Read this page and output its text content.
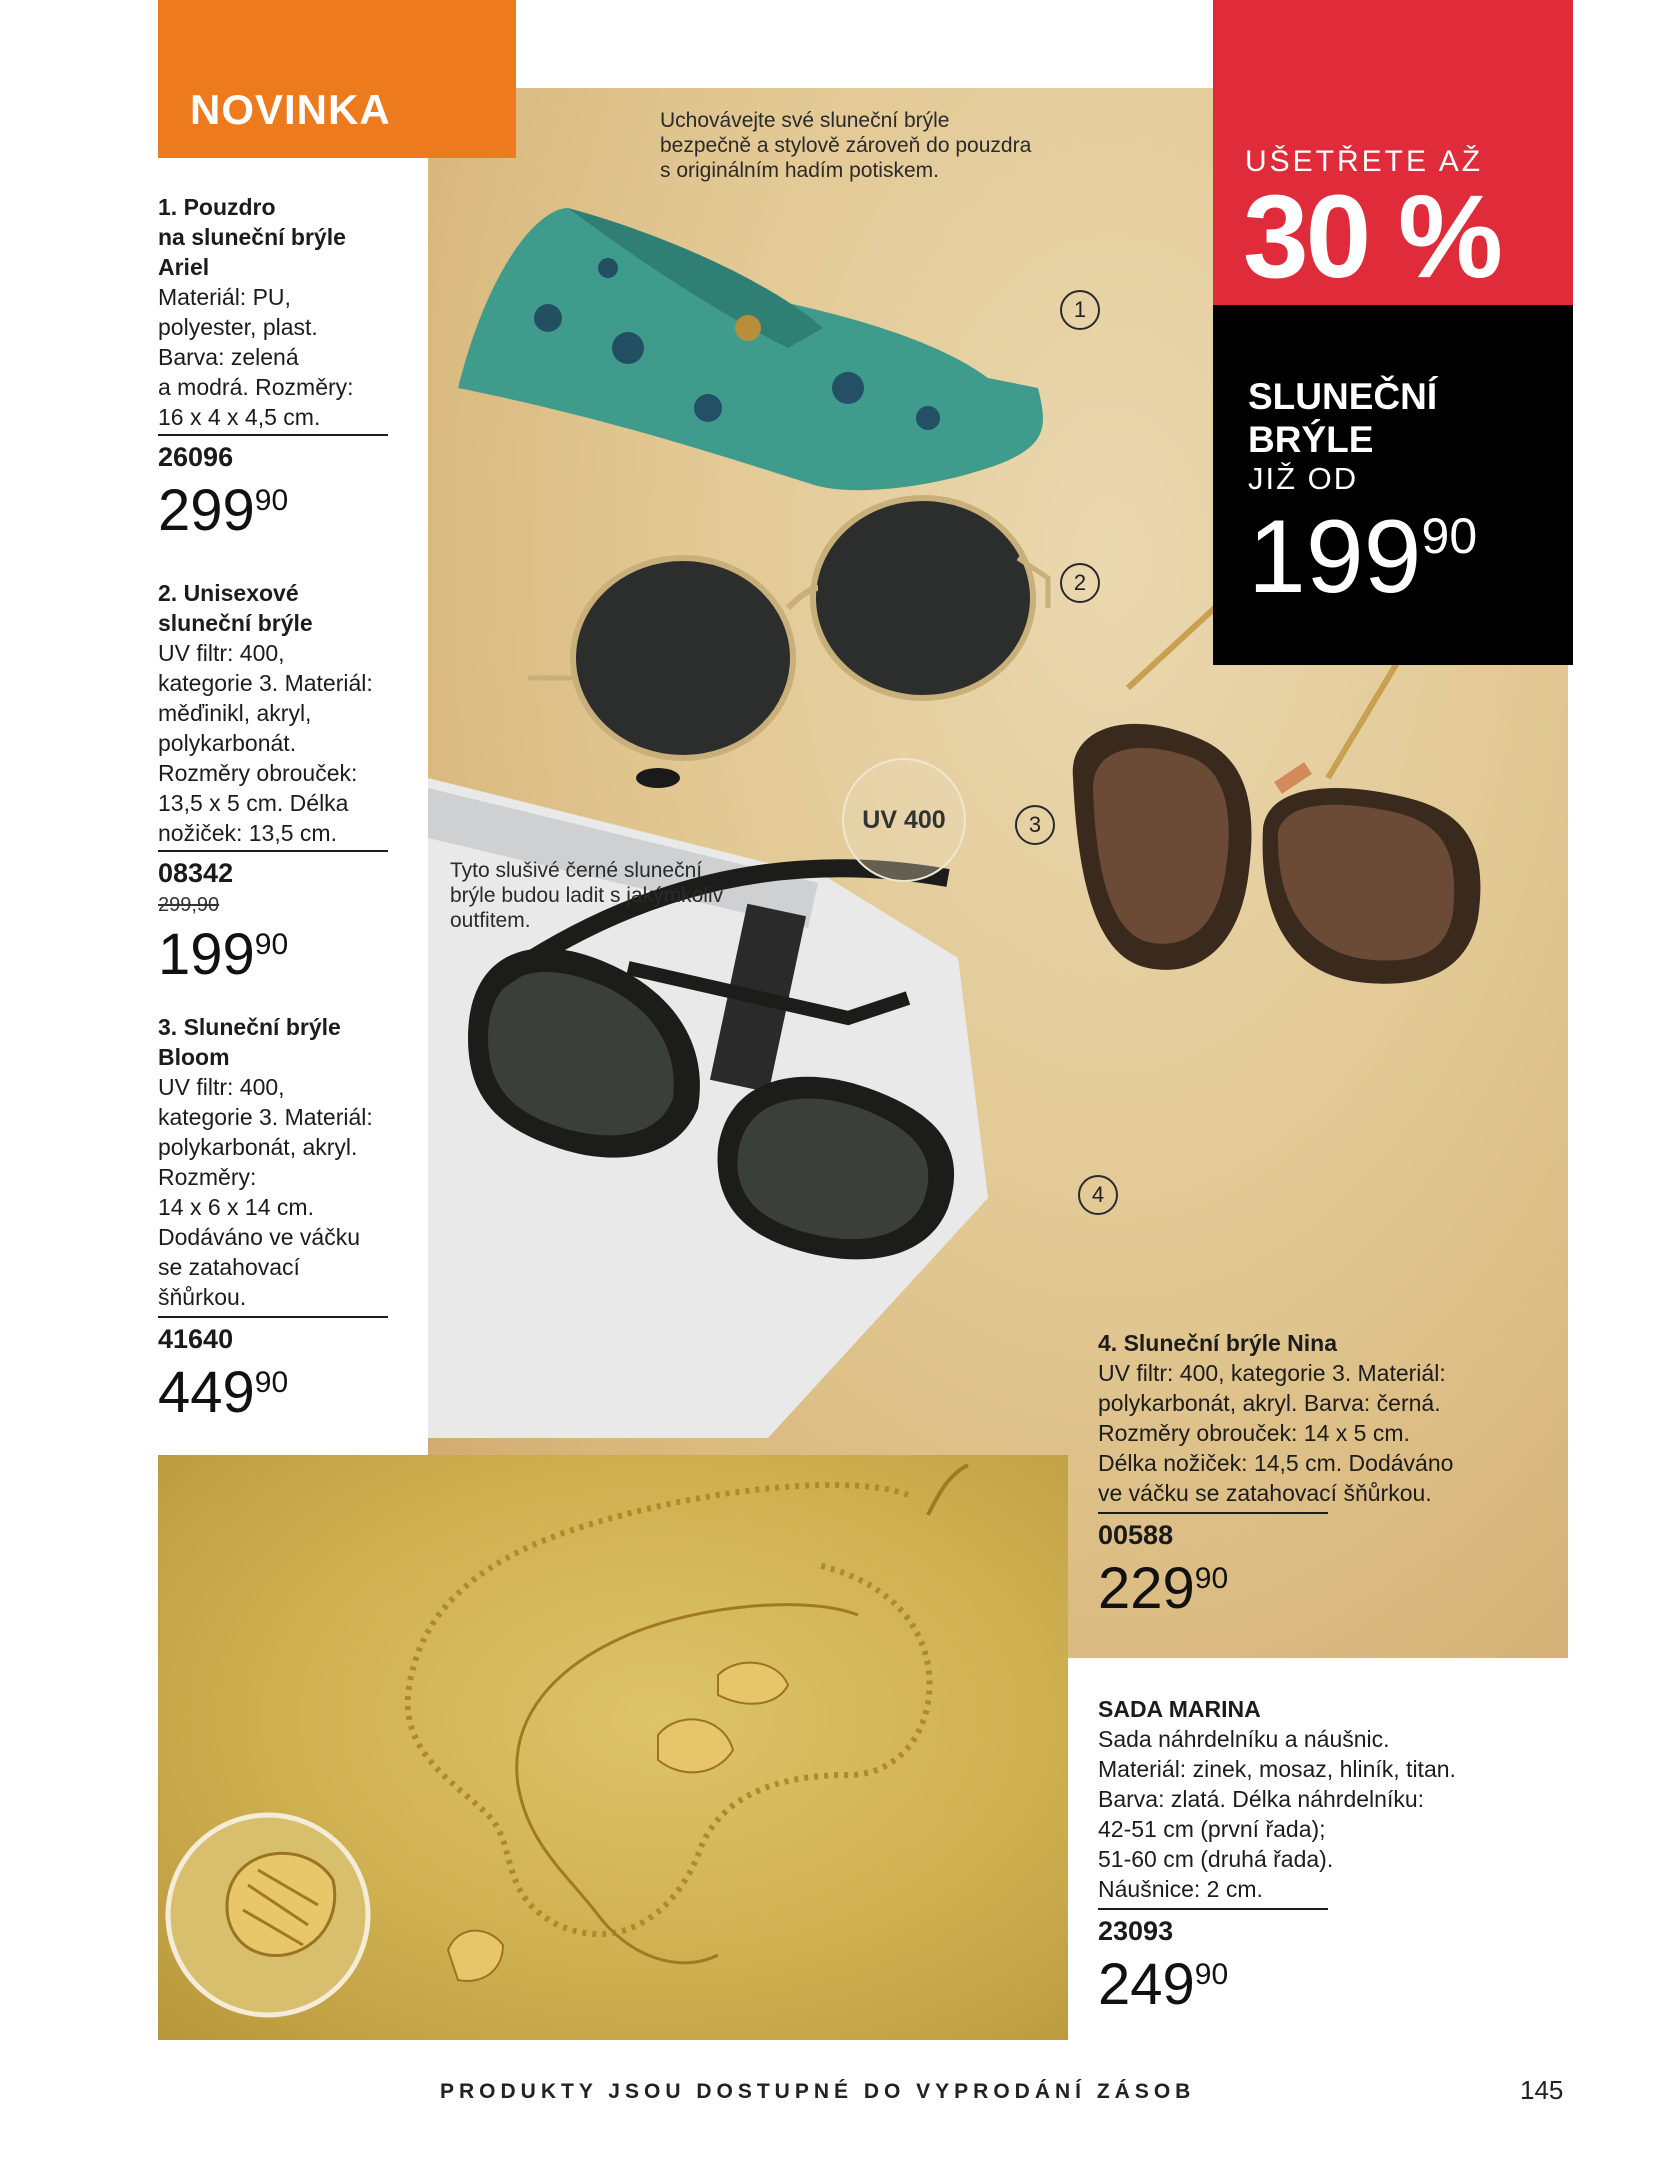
NOVINKA
UŠETŘETE AŽ
30 %
SLUNEČNÍ
BRÝLE
JIŽ OD
$199^{90}$
Uchovávejte své sluneční brýle
bezpečně a stylově zároveň do pouzdra
s originálním hadím potiskem.
Tyto slušivé černé sluneční
brýle budou ladit s jakýmkoliv
outfitem.
UV 400
1
2
3
4
1. Pouzdro
na sluneční brýle
Ariel
Materiál: PU,
polyester, plast.
Barva: zelená
a modrá. Rozměry:
16 x 4 x 4,5 cm.
26096
$299^{90}$
2. Unisexové
sluneční brýle
UV filtr: 400,
kategorie 3. Materiál:
měďinikl, akryl,
polykarbonát.
Rozměry obrouček:
13,5 x 5 cm. Délka
nožiček: 13,5 cm.
08342
299,90
$199^{90}$
3. Sluneční brýle
Bloom
UV filtr: 400,
kategorie 3. Materiál:
polykarbonát, akryl.
Rozměry:
14 x 6 x 14 cm.
Dodáváno ve váčku
se zatahovací
šňůrkou.
41640
$449^{90}$
4. Sluneční brýle Nina
UV filtr: 400, kategorie 3. Materiál:
polykarbonát, akryl. Barva: černá.
Rozměry obrouček: 14 x 5 cm.
Délka nožiček: 14,5 cm. Dodáváno
ve váčku se zatahovací šňůrkou.
00588
$229^{90}$
SADA MARINA
Sada náhrdelníku a náušnic.
Materiál: zinek, mosaz, hliník, titan.
Barva: zlatá. Délka náhrdelníku:
42-51 cm (první řada);
51-60 cm (druhá řada).
Náušnice: 2 cm.
23093
$249^{90}$
PRODUKTY JSOU DOSTUPNÉ DO VYPRODÁNÍ ZÁSOB	145
